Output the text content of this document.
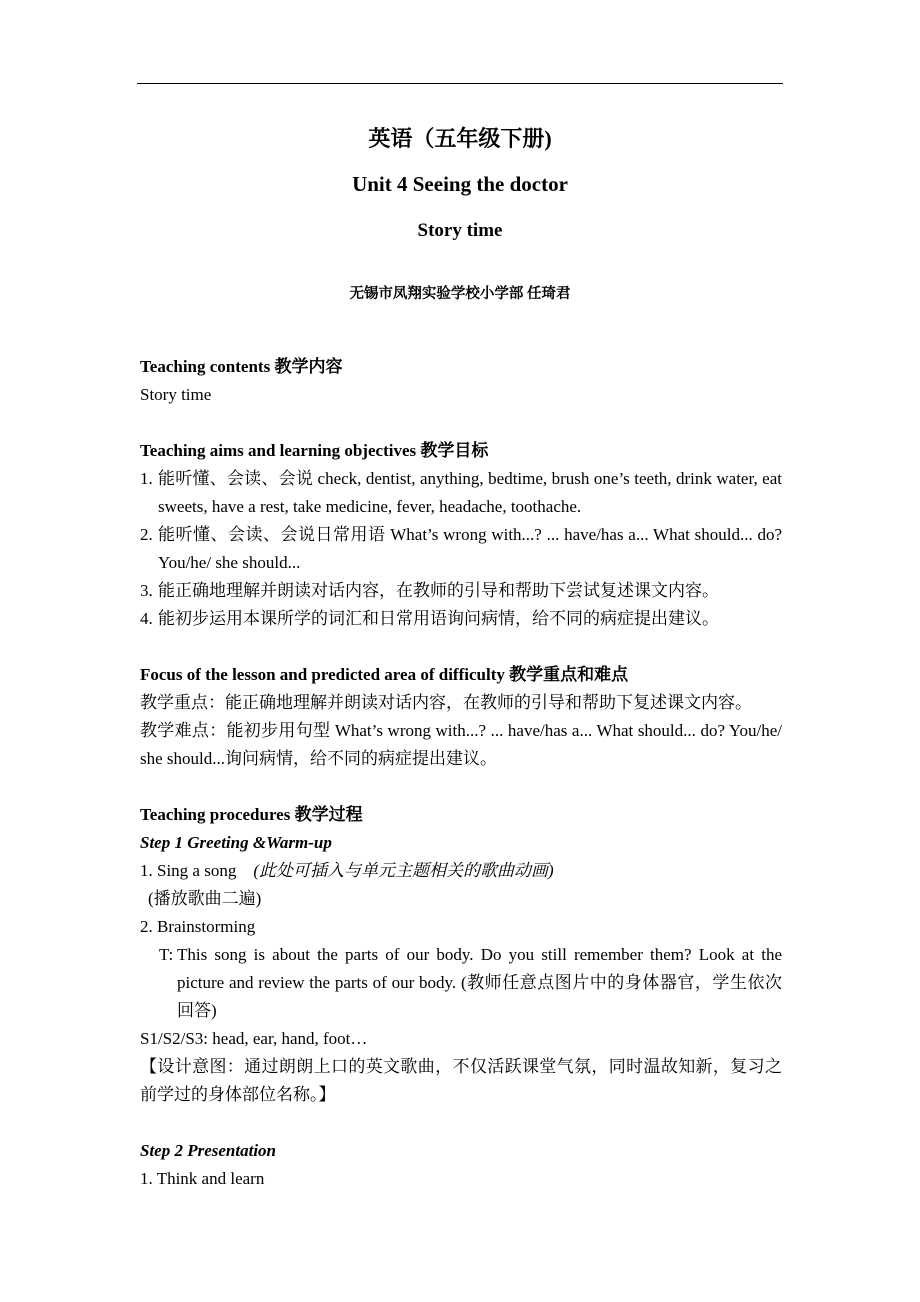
英语（五年级下册)
Unit 4 Seeing the doctor
Story time
无锡市凤翔实验学校小学部 任琦君

Teaching contents 教学内容

Story time

Teaching aims and learning objectives 教学目标

1. 能听懂、会读、会说 check, dentist, anything, bedtime, brush one’s teeth, drink water, eat sweets, have a rest, take medicine, fever, headache, toothache.
2. 能听懂、会读、会说日常用语 What’s wrong with...? ... have/has a... What should... do? You/he/ she should...
3. 能正确地理解并朗读对话内容，在教师的引导和帮助下尝试复述课文内容。
4. 能初步运用本课所学的词汇和日常用语询问病情，给不同的病症提出建议。

Focus of the lesson and predicted area of difficulty 教学重点和难点

教学重点：能正确地理解并朗读对话内容，在教师的引导和帮助下复述课文内容。

教学难点：能初步用句型 What’s wrong with...? ... have/has a... What should... do? You/he/ she should...询问病情，给不同的病症提出建议。

Teaching procedures 教学过程

Step 1 Greeting &Warm-up

1. Sing a song (此处可插入与单元主题相关的歌曲动画)

(播放歌曲二遍)

2. Brainstorming

T: This song is about the parts of our body. Do you still remember them? Look at the picture and review the parts of our body. (教师任意点图片中的身体器官，学生依次回答)

S1/S2/S3: head, ear, hand, foot…

【设计意图：通过朗朗上口的英文歌曲，不仅活跃课堂气氛，同时温故知新，复习之前学过的身体部位名称。】

Step 2 Presentation

1. Think and learn
